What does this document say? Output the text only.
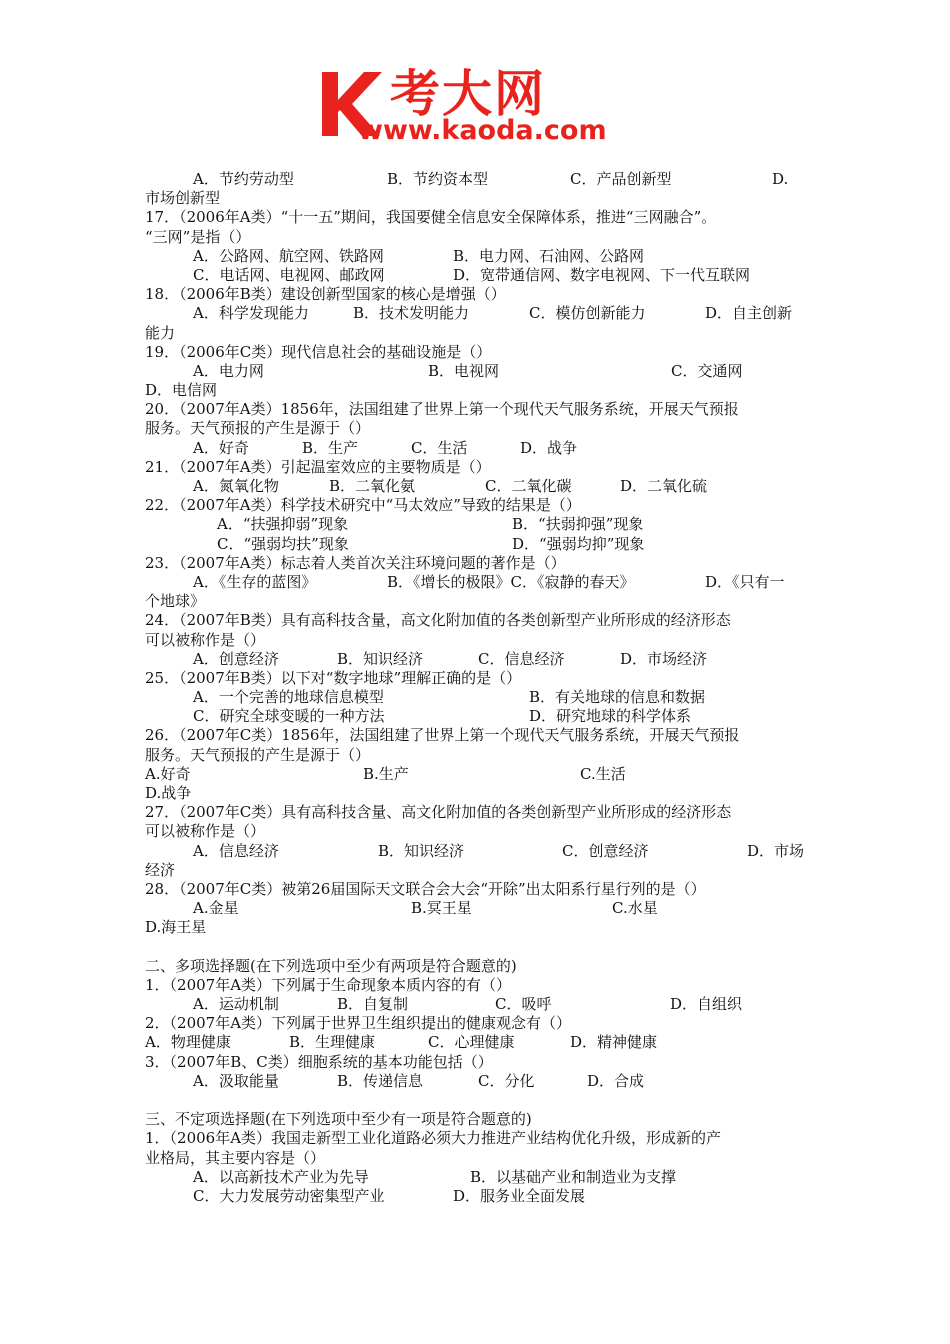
考大网
www.kaoda.com
A．节约劳动型	B．节约资本型	C．产品创新型	D.
市场创新型
17．（2006年A类）“十一五”期间，我国要健全信息安全保障体系，推进“三网融合”。
“三网”是指（）
A．公路网、航空网、铁路网	B．电力网、石油网、公路网
C．电话网、电视网、邮政网	D．宽带通信网、数字电视网、下一代互联网
18．（2006年B类）建设创新型国家的核心是增强（）
A．科学发现能力	B．技术发明能力	C．模仿创新能力	D．自主创新
能力
19．（2006年C类）现代信息社会的基础设施是（）
A．电力网	B．电视网	C．交通网
D．电信网
20．（2007年A类）1856年，法国组建了世界上第一个现代天气服务系统，开展天气预报
服务。天气预报的产生是源于（）
A．好奇	B．生产	C．生活	D．战争
21．（2007年A类）引起温室效应的主要物质是（）
A．氮氧化物	B．二氧化氨	C．二氧化碳	D．二氧化硫
22．（2007年A类）科学技术研究中“马太效应”导致的结果是（）
A．“扶强抑弱”现象	B．“扶弱抑强”现象
C．“强弱均扶”现象	D．“强弱均抑”现象
23．（2007年A类）标志着人类首次关注环境问题的著作是（）
A．《生存的蓝图》	B．《增长的极限》C．《寂静的春天》	D．《只有一
个地球》
24．（2007年B类）具有高科技含量，高文化附加值的各类创新型产业所形成的经济形态
可以被称作是（）
A．创意经济	B．知识经济	C．信息经济	D．市场经济
25．（2007年B类）以下对“数字地球”理解正确的是（）
A．一个完善的地球信息模型	B．有关地球的信息和数据
C．研究全球变暖的一种方法	D．研究地球的科学体系
26．（2007年C类）1856年，法国组建了世界上第一个现代天气服务系统，开展天气预报
服务。天气预报的产生是源于（）
A.好奇	B.生产	C.生活
D.战争
27．（2007年C类）具有高科技含量、高文化附加值的各类创新型产业所形成的经济形态
可以被称作是（）
A．信息经济	B．知识经济	C．创意经济	D．市场
经济
28．（2007年C类）被第26届国际天文联合会大会“开除”出太阳系行星行列的是（）
A.金星	B.冥王星	C.水星
D.海王星
二、多项选择题(在下列选项中至少有两项是符合题意的)
1．（2007年A类）下列属于生命现象本质内容的有（）
A．运动机制	B．自复制	C．吸呼	D．自组织
2．（2007年A类）下列属于世界卫生组织提出的健康观念有（）
A．物理健康	B．生理健康	C．心理健康	D．精神健康
3．（2007年B、C类）细胞系统的基本功能包括（）
A．汲取能量	B．传递信息	C．分化	D．合成
三、不定项选择题(在下列选项中至少有一项是符合题意的)
1．（2006年A类）我国走新型工业化道路必须大力推进产业结构优化升级，形成新的产
业格局，其主要内容是（）
A．以高新技术产业为先导	B．以基础产业和制造业为支撑
C．大力发展劳动密集型产业	D．服务业全面发展
